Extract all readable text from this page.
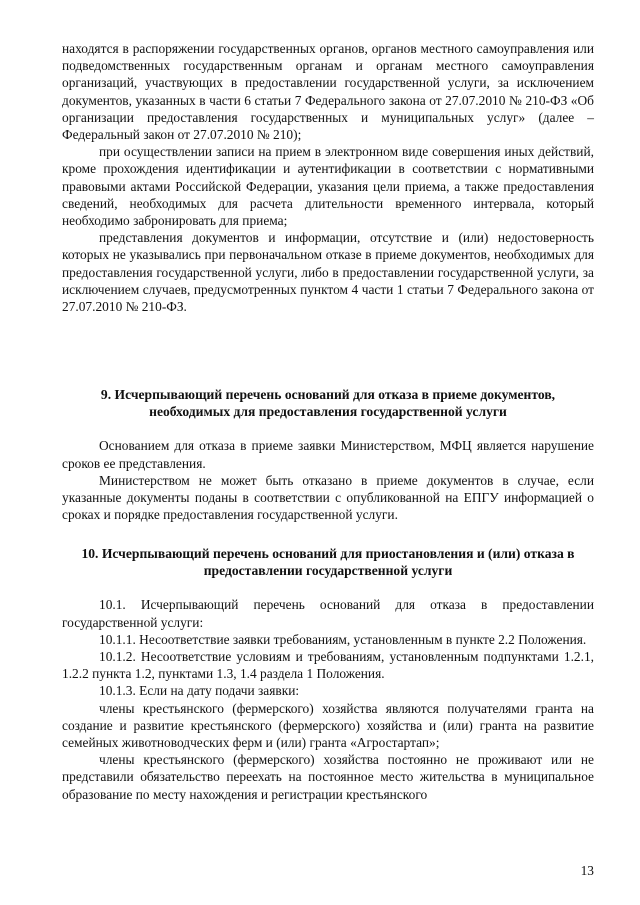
находятся в распоряжении государственных органов, органов местного самоуправления или подведомственных государственным органам и органам местного самоуправления организаций, участвующих в предоставлении государственной услуги, за исключением документов, указанных в части 6 статьи 7 Федерального закона от 27.07.2010 № 210-ФЗ «Об организации предоставления государственных и муниципальных услуг» (далее – Федеральный закон от 27.07.2010 № 210);

при осуществлении записи на прием в электронном виде совершения иных действий, кроме прохождения идентификации и аутентификации в соответствии с нормативными правовыми актами Российской Федерации, указания цели приема, а также предоставления сведений, необходимых для расчета длительности временного интервала, который необходимо забронировать для приема;

представления документов и информации, отсутствие и (или) недостоверность которых не указывались при первоначальном отказе в приеме документов, необходимых для предоставления государственной услуги, либо в предоставлении государственной услуги, за исключением случаев, предусмотренных пунктом 4 части 1 статьи 7 Федерального закона от 27.07.2010 № 210-ФЗ.

9. Исчерпывающий перечень оснований для отказа в приеме документов, необходимых для предоставления государственной услуги

Основанием для отказа в приеме заявки Министерством, МФЦ является нарушение сроков ее представления.

Министерством не может быть отказано в приеме документов в случае, если указанные документы поданы в соответствии с опубликованной на ЕПГУ информацией о сроках и порядке предоставления государственной услуги.

10. Исчерпывающий перечень оснований для приостановления и (или) отказа в предоставлении государственной услуги

10.1. Исчерпывающий перечень оснований для отказа в предоставлении государственной услуги:

10.1.1. Несоответствие заявки требованиям, установленным в пункте 2.2 Положения.

10.1.2. Несоответствие условиям и требованиям, установленным подпунктами 1.2.1, 1.2.2 пункта 1.2, пунктами 1.3, 1.4 раздела 1 Положения.

10.1.3. Если на дату подачи заявки:

члены крестьянского (фермерского) хозяйства являются получателями гранта на создание и развитие крестьянского (фермерского) хозяйства и (или) гранта на развитие семейных животноводческих ферм и (или) гранта «Агростартап»;

члены крестьянского (фермерского) хозяйства постоянно не проживают или не представили обязательство переехать на постоянное место жительства в муниципальное образование по месту нахождения и регистрации крестьянского

13
